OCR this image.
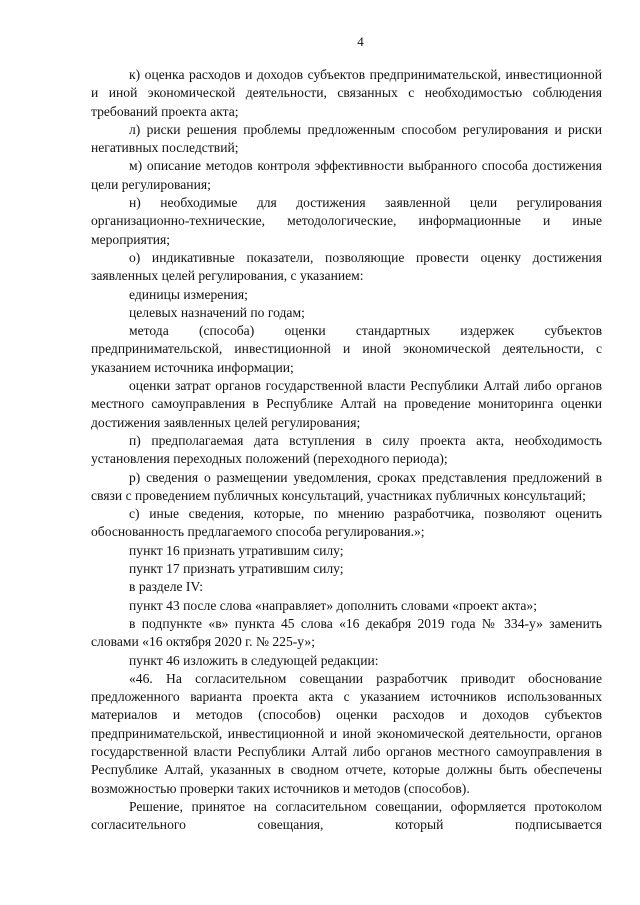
4

к) оценка расходов и доходов субъектов предпринимательской, инвестиционной и иной экономической деятельности, связанных с необходимостью соблюдения требований проекта акта;

л) риски решения проблемы предложенным способом регулирования и риски негативных последствий;

м) описание методов контроля эффективности выбранного способа достижения цели регулирования;

н) необходимые для достижения заявленной цели регулирования организационно-технические, методологические, информационные и иные мероприятия;

о) индикативные показатели, позволяющие провести оценку достижения заявленных целей регулирования, с указанием:

единицы измерения;

целевых назначений по годам;

метода (способа) оценки стандартных издержек субъектов предпринимательской, инвестиционной и иной экономической деятельности, с указанием источника информации;

оценки затрат органов государственной власти Республики Алтай либо органов местного самоуправления в Республике Алтай на проведение мониторинга оценки достижения заявленных целей регулирования;

п) предполагаемая дата вступления в силу проекта акта, необходимость установления переходных положений (переходного периода);

р) сведения о размещении уведомления, сроках представления предложений в связи с проведением публичных консультаций, участниках публичных консультаций;

с) иные сведения, которые, по мнению разработчика, позволяют оценить обоснованность предлагаемого способа регулирования.»;

пункт 16 признать утратившим силу;

пункт 17 признать утратившим силу;

в разделе IV:

пункт 43 после слова «направляет» дополнить словами «проект акта»;

в подпункте «в» пункта 45 слова «16 декабря 2019 года № 334-у» заменить словами «16 октября 2020 г. № 225-у»;

пункт 46 изложить в следующей редакции:

«46. На согласительном совещании разработчик приводит обоснование предложенного варианта проекта акта с указанием источников использованных материалов и методов (способов) оценки расходов и доходов субъектов предпринимательской, инвестиционной и иной экономической деятельности, органов государственной власти Республики Алтай либо органов местного самоуправления в Республике Алтай, указанных в сводном отчете, которые должны быть обеспечены возможностью проверки таких источников и методов (способов).

Решение, принятое на согласительном совещании, оформляется протоколом согласительного совещания, который подписывается
